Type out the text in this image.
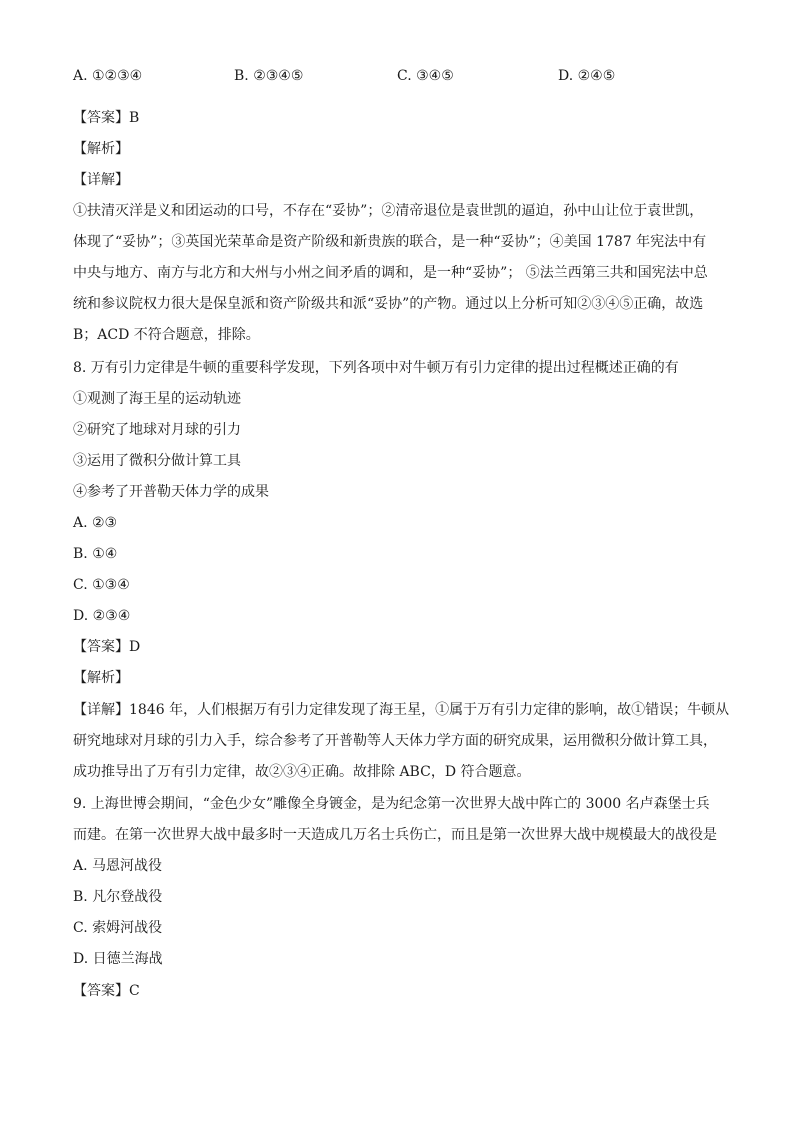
A. ①②③④	B. ②③④⑤	C. ③④⑤	D. ②④⑤
【答案】B
【解析】
【详解】
①扶清灭洋是义和团运动的口号，不存在“妥协”；②清帝退位是袁世凯的逼迫，孙中山让位于袁世凯，
体现了“妥协”；③英国光荣革命是资产阶级和新贵族的联合，是一种“妥协”；④美国 1787 年宪法中有
中央与地方、南方与北方和大州与小州之间矛盾的调和，是一种“妥协”； ⑤法兰西第三共和国宪法中总
统和参议院权力很大是保皇派和资产阶级共和派“妥协”的产物。通过以上分析可知②③④⑤正确，故选
B；ACD 不符合题意，排除。
8. 万有引力定律是牛顿的重要科学发现，下列各项中对牛顿万有引力定律的提出过程概述正确的有
①观测了海王星的运动轨迹
②研究了地球对月球的引力
③运用了微积分做计算工具
④参考了开普勒天体力学的成果
A. ②③
B. ①④
C. ①③④
D. ②③④
【答案】D
【解析】
【详解】1846 年，人们根据万有引力定律发现了海王星，①属于万有引力定律的影响，故①错误；牛顿从
研究地球对月球的引力入手，综合参考了开普勒等人天体力学方面的研究成果，运用微积分做计算工具，
成功推导出了万有引力定律，故②③④正确。故排除 ABC，D 符合题意。
9. 上海世博会期间，“金色少女”雕像全身镀金，是为纪念第一次世界大战中阵亡的 3000 名卢森堡士兵
而建。在第一次世界大战中最多时一天造成几万名士兵伤亡，而且是第一次世界大战中规模最大的战役是
A. 马恩河战役
B. 凡尔登战役
C. 索姆河战役
D. 日德兰海战
【答案】C
